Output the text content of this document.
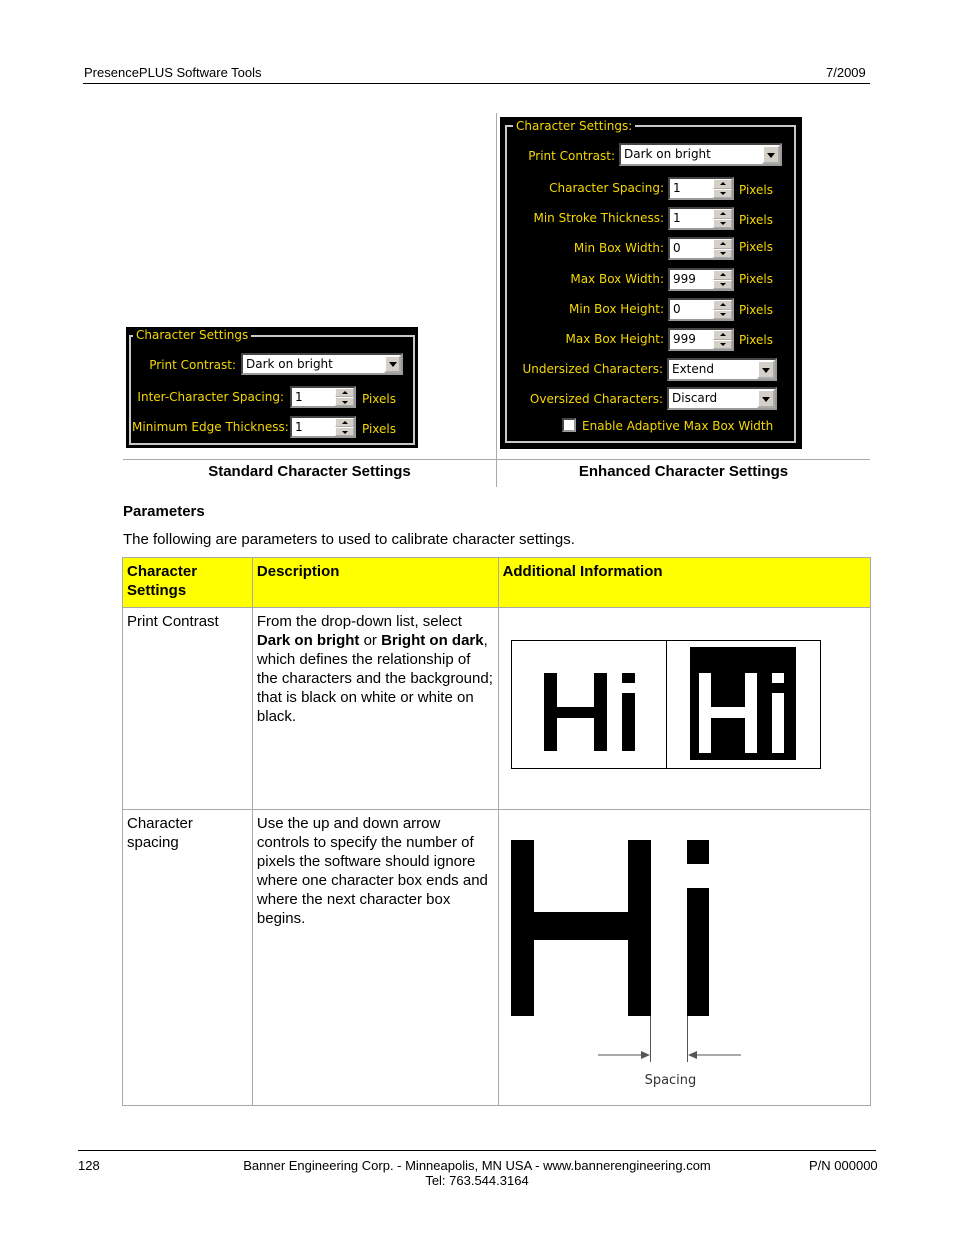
PresencePLUS Software Tools	7/2009
Character Settings
Print Contrast: Dark on bright
Inter-Character Spacing: 1	Pixels
Minimum Edge Thickness: 1	Pixels
Character Settings:
Print Contrast: Dark on bright
Character Spacing: 1	Pixels
Min Stroke Thickness: 1	Pixels
Min Box Width: 0	Pixels
Max Box Width: 999	Pixels
Min Box Height: 0	Pixels
Max Box Height: 999	Pixels
Undersized Characters: Extend
Oversized Characters: Discard
Enable Adaptive Max Box Width
Standard Character Settings	Enhanced Character Settings
Parameters
The following are parameters to used to calibrate character settings.
Character Settings	Description	Additional Information
Print Contrast	From the drop-down list, select Dark on bright or Bright on dark, which defines the relationship of the characters and the background; that is black on white or white on black.	

Character spacing	Use the up and down arrow controls to specify the number of pixels the software should ignore where one character box ends and where the next character box begins.	Spacing
128	Banner Engineering Corp. - Minneapolis, MN USA - www.bannerengineering.com
Tel: 763.544.3164
P/N 000000
